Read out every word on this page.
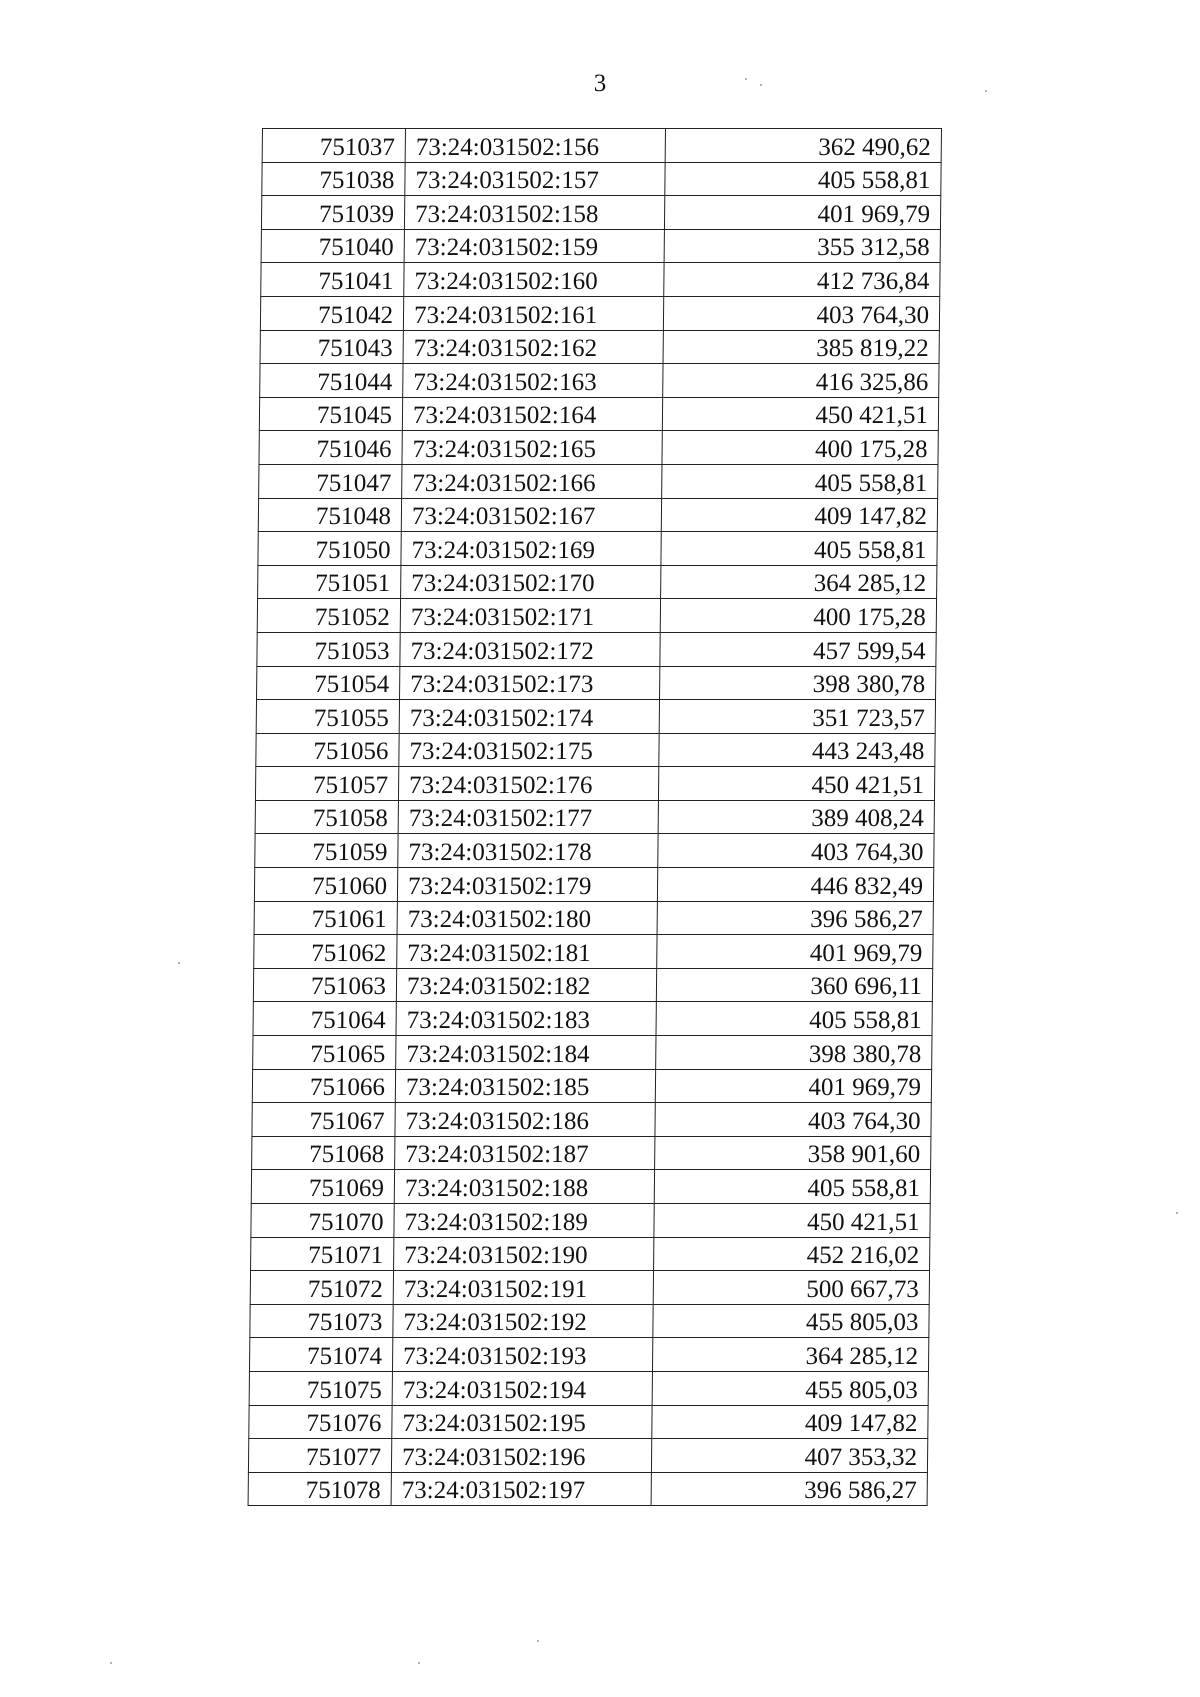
3
751037	73:24:031502:156	362 490,62
751038	73:24:031502:157	405 558,81
751039	73:24:031502:158	401 969,79
751040	73:24:031502:159	355 312,58
751041	73:24:031502:160	412 736,84
751042	73:24:031502:161	403 764,30
751043	73:24:031502:162	385 819,22
751044	73:24:031502:163	416 325,86
751045	73:24:031502:164	450 421,51
751046	73:24:031502:165	400 175,28
751047	73:24:031502:166	405 558,81
751048	73:24:031502:167	409 147,82
751050	73:24:031502:169	405 558,81
751051	73:24:031502:170	364 285,12
751052	73:24:031502:171	400 175,28
751053	73:24:031502:172	457 599,54
751054	73:24:031502:173	398 380,78
751055	73:24:031502:174	351 723,57
751056	73:24:031502:175	443 243,48
751057	73:24:031502:176	450 421,51
751058	73:24:031502:177	389 408,24
751059	73:24:031502:178	403 764,30
751060	73:24:031502:179	446 832,49
751061	73:24:031502:180	396 586,27
751062	73:24:031502:181	401 969,79
751063	73:24:031502:182	360 696,11
751064	73:24:031502:183	405 558,81
751065	73:24:031502:184	398 380,78
751066	73:24:031502:185	401 969,79
751067	73:24:031502:186	403 764,30
751068	73:24:031502:187	358 901,60
751069	73:24:031502:188	405 558,81
751070	73:24:031502:189	450 421,51
751071	73:24:031502:190	452 216,02
751072	73:24:031502:191	500 667,73
751073	73:24:031502:192	455 805,03
751074	73:24:031502:193	364 285,12
751075	73:24:031502:194	455 805,03
751076	73:24:031502:195	409 147,82
751077	73:24:031502:196	407 353,32
751078	73:24:031502:197	396 586,27
